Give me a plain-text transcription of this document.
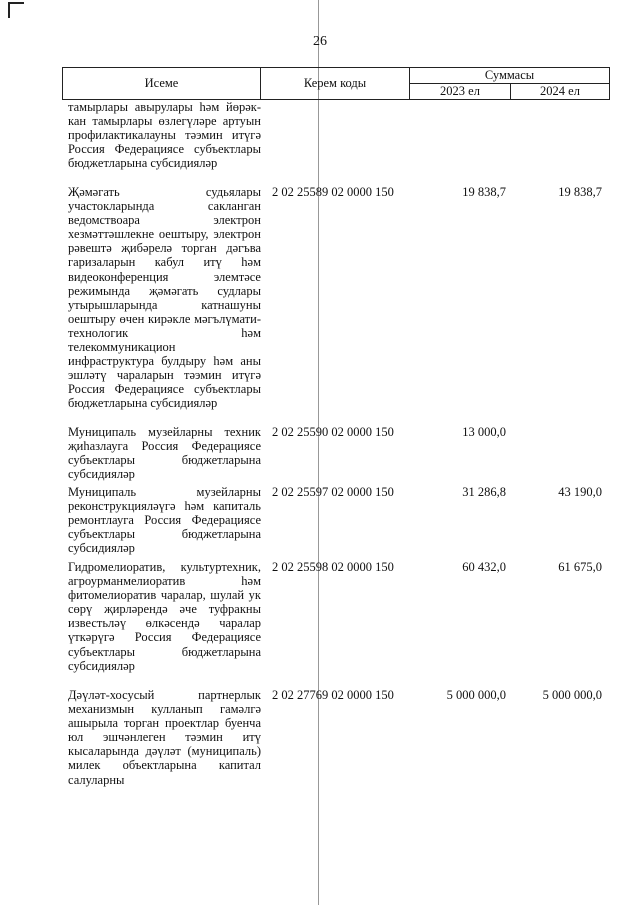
26
Исеме	Керем коды	Суммасы	
		2023 ел	2024 ел
тамырлары авырулары һәм йөрәк-кан тамырлары өзлегүләре артуын профилактикалауны тәэмин итүгә Россия Федерациясе субъектлары бюджетларына субсидияләр
Җәмәгать судьялары участокларында сакланган ведомствоара электрон хезмәттәшлекне оештыру, электрон рәвештә җибәрелә торган дәгъва гаризаларын кабул итү һәм видеоконференция элемтәсе режимында җәмәгать судлары утырышларында катнашуны оештыру өчен кирәкле мәгълүмати-технологик һәм телекоммуникацион инфраструктура булдыру һәм аны эшләтү чараларын тәэмин итүгә Россия Федерациясе субъектлары бюджетларына субсидияләр
2 02 25589 02 0000 150	19 838,7	19 838,7
Муниципаль музейларны техник җиһазлауга Россия Федерациясе субъектлары бюджетларына субсидияләр
2 02 25590 02 0000 150	13 000,0
Муниципаль музейларны реконструкцияләүгә һәм капиталь ремонтлауга Россия Федерациясе субъектлары бюджетларына субсидияләр
2 02 25597 02 0000 150	31 286,8	43 190,0
Гидромелиоратив, культуртехник, агроурманмелиоратив һәм фитомелиоратив чаралар, шулай ук сөрү җирләрендә әче туфракны известьләү өлкәсендә чаралар үткәрүгә Россия Федерациясе субъектлары бюджетларына субсидияләр
2 02 25598 02 0000 150	60 432,0	61 675,0
Дәүләт-хосусый партнерлык механизмын кулланып гамәлгә ашырыла торган проектлар буенча юл эшчәнлеген тәэмин итү кысаларында дәүләт (муниципаль) милек объектларына капитал салуларны
2 02 27769 02 0000 150	5 000 000,0	5 000 000,0
